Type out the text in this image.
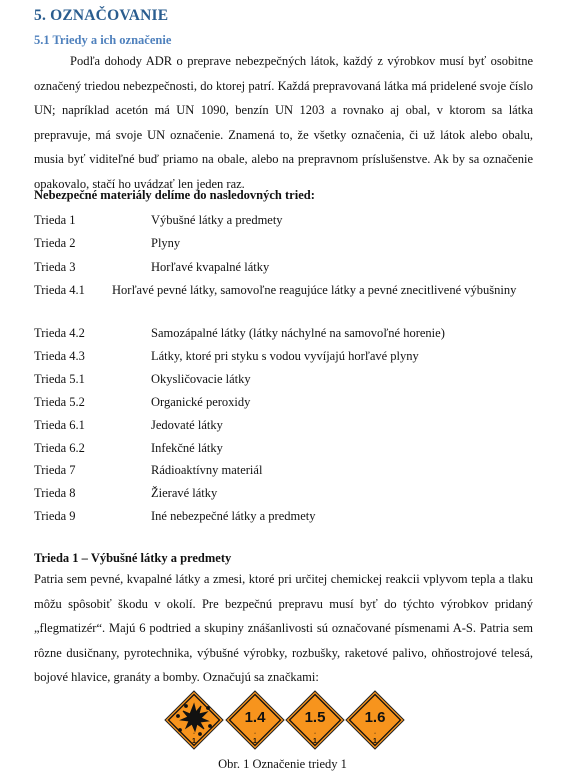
5. OZNAČOVANIE
5.1 Triedy a ich označenie

Podľa dohody ADR o preprave nebezpečných látok, každý z výrobkov musí byť osobitne označený triedou nebezpečnosti, do ktorej patrí. Každá prepravovaná látka má pridelené svoje číslo UN; napríklad acetón má UN 1090, benzín UN 1203 a rovnako aj obal, v ktorom sa látka prepravuje, má svoje UN označenie. Znamená to, že všetky označenia, či už látok alebo obalu, musia byť viditeľné buď priamo na obale, alebo na prepravnom príslušenstve. Ak by sa označenie opakovalo, stačí ho uvádzať len jeden raz.

Nebezpečné materiály delíme do nasledovných tried:

Trieda 1	Výbušné látky a predmety
Trieda 2	Plyny
Trieda 3	Horľavé kvapalné látky
Trieda 4.1 Horľavé pevné látky, samovoľne reagujúce látky a pevné znecitlivené výbušniny
Trieda 4.2	Samozápalné látky (látky náchylné na samovoľné horenie)
Trieda 4.3	Látky, ktoré pri styku s vodou vyvíjajú horľavé plyny
Trieda 5.1	Okysličovacie látky
Trieda 5.2	Organické peroxidy
Trieda 6.1	Jedovaté látky
Trieda 6.2	Infekčné látky
Trieda 7	Rádioaktívny materiál
Trieda 8	Žieravé látky
Trieda 9	Iné nebezpečné látky a predmety

Trieda 1 – Výbušné látky a predmety

Patria sem pevné, kvapalné látky a zmesi, ktoré pri určitej chemickej reakcii vplyvom tepla a tlaku môžu spôsobiť škodu v okolí. Pre bezpečnú prepravu musí byť do týchto výrobkov pridaný „flegmatizér“. Majú 6 podtried a skupiny znášanlivosti sú označované písmenami A-S. Patria sem rôzne dusičnany, pyrotechnika, výbušné výrobky, rozbušky, raketové palivo, ohňostrojové telesá, bojové hlavice, granáty a bomby. Označujú sa značkami:

*
1
1.4
*
1
1.5
*
1
1.6
*
1
Obr. 1 Označenie triedy 1
